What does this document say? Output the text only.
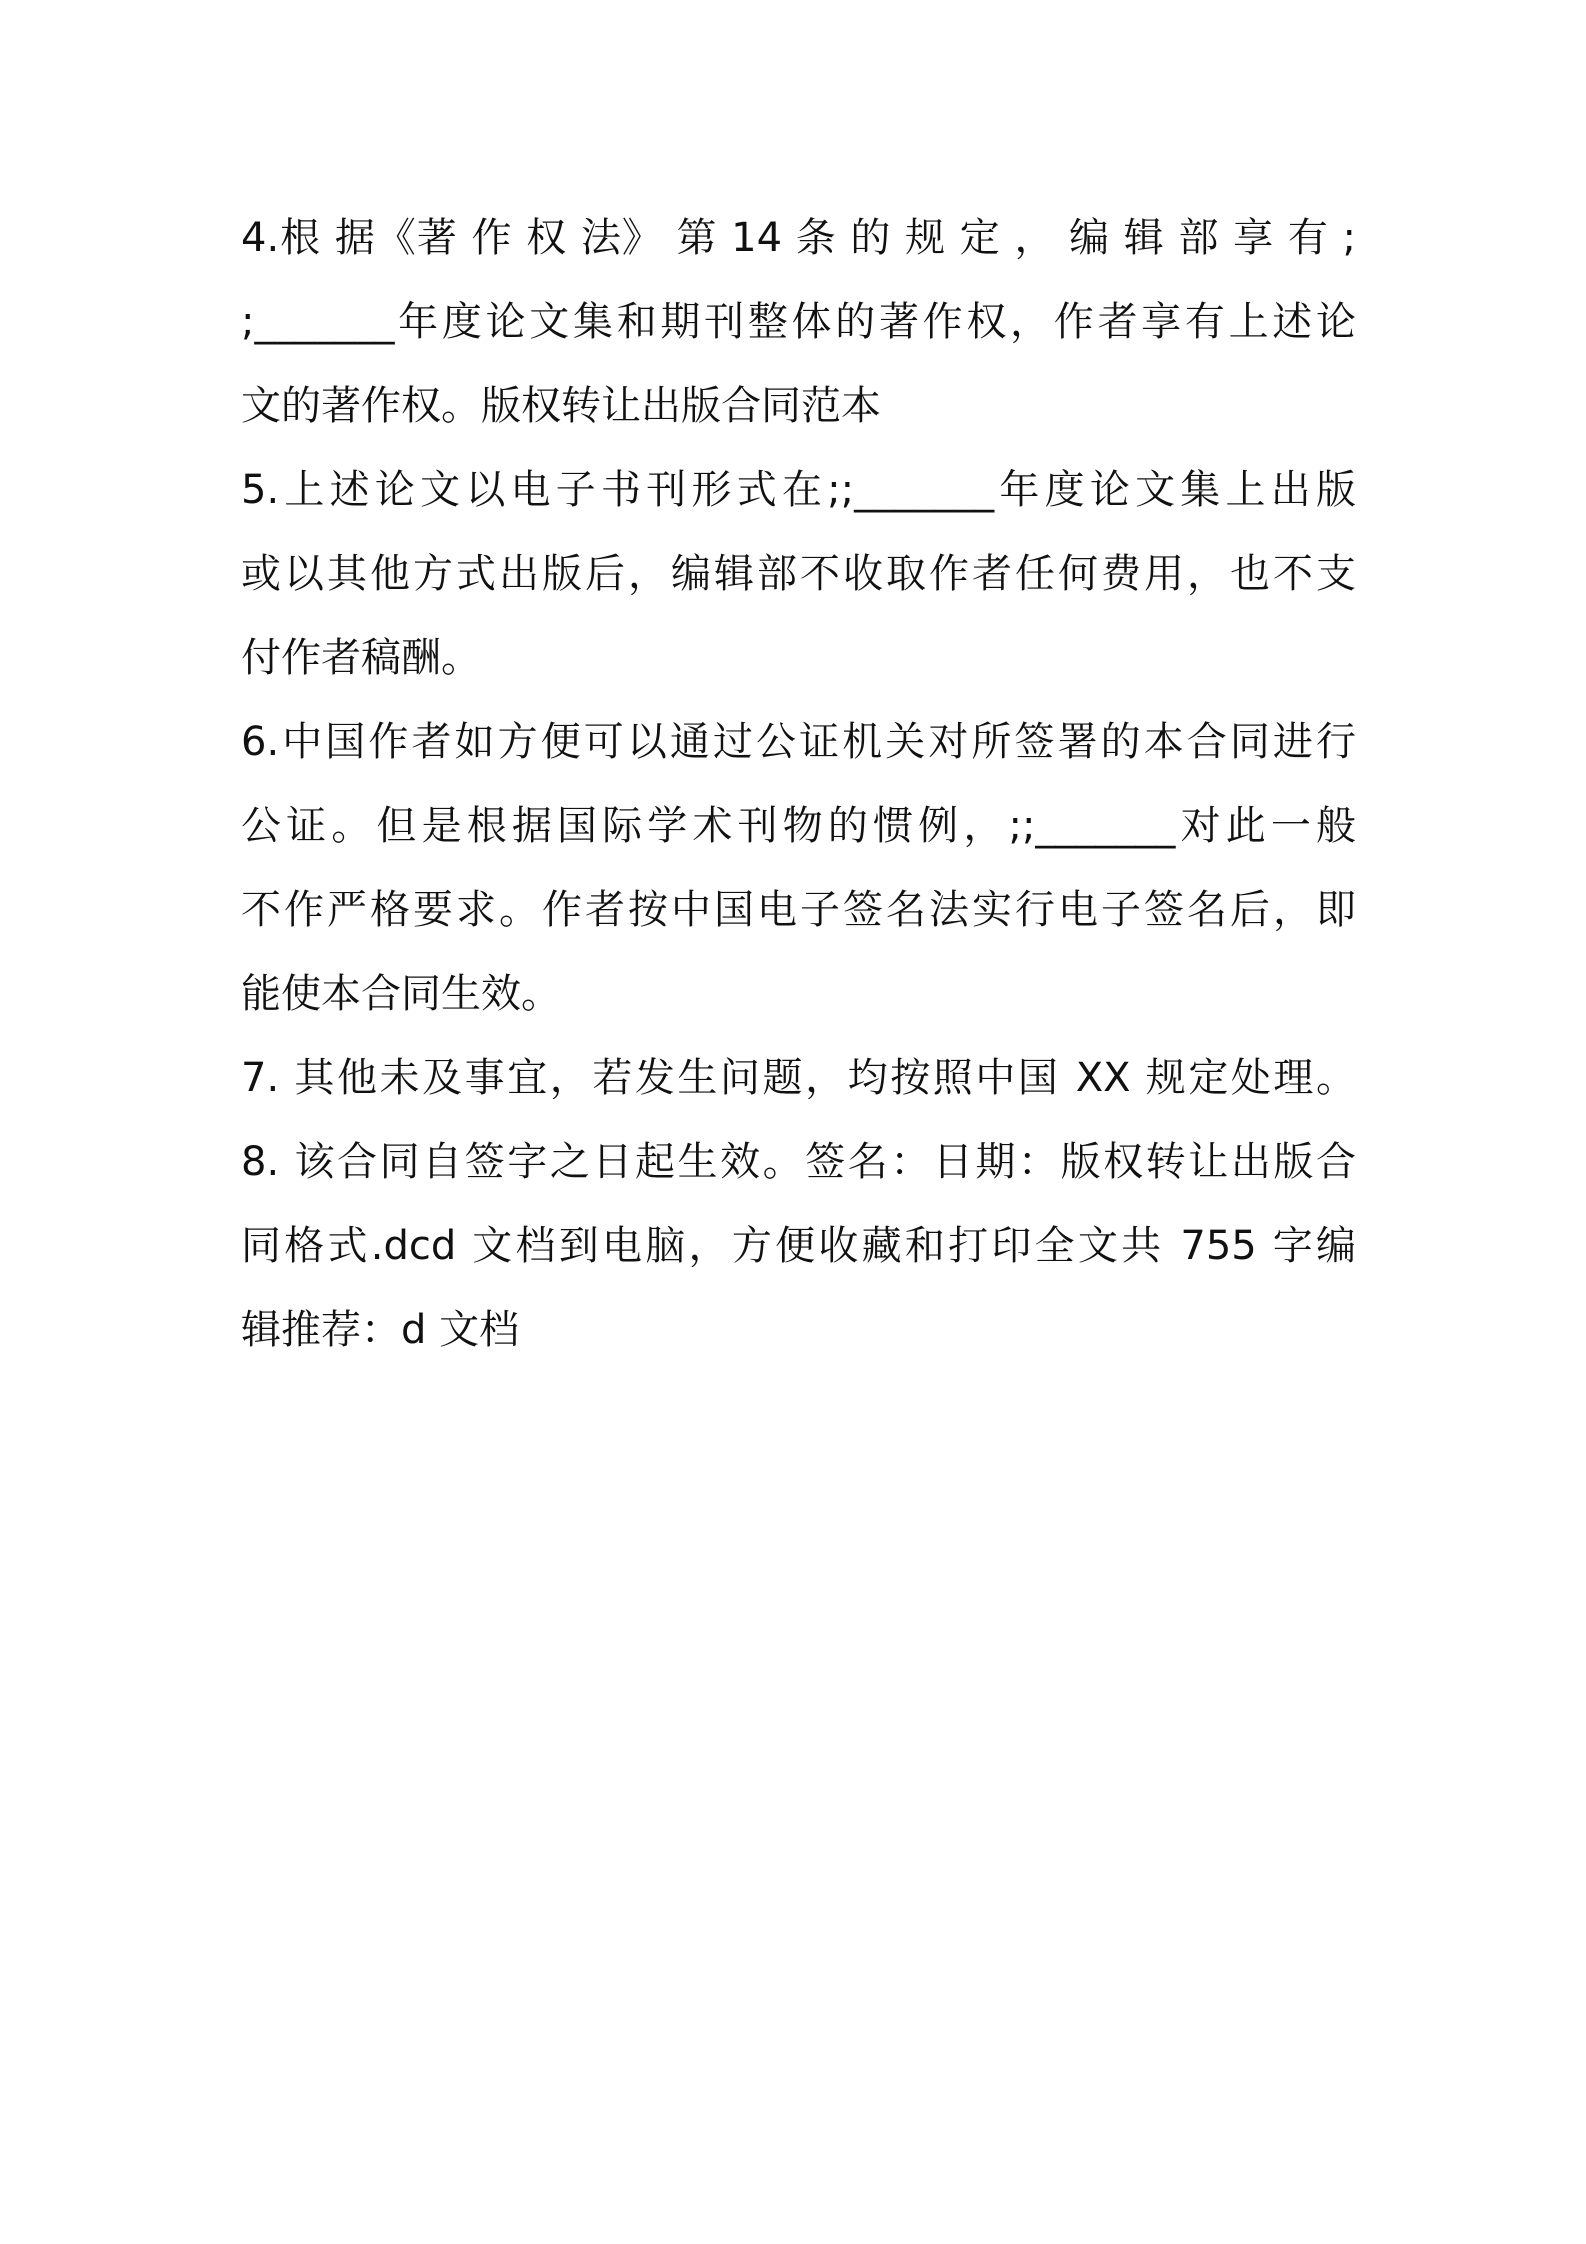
4.根 据《著 作 权 法》 第 14 条 的 规 定 ， 编 辑 部 享 有 ;
;_______年度论文集和期刊整体的著作权，作者享有上述论
文的著作权。版权转让出版合同范本
5.上述论文以电子书刊形式在;;_______年度论文集上出版
或以其他方式出版后，编辑部不收取作者任何费用，也不支
付作者稿酬。
6.中国作者如方便可以通过公证机关对所签署的本合同进行
公证。但是根据国际学术刊物的惯例，;;_______对此一般
不作严格要求。作者按中国电子签名法实行电子签名后，即
能使本合同生效。
7. 其他未及事宜，若发生问题，均按照中国 XX 规定处理。
8. 该合同自签字之日起生效。签名：日期：版权转让出版合
同格式.dcd 文档到电脑，方便收藏和打印全文共 755 字编
辑推荐：d 文档
